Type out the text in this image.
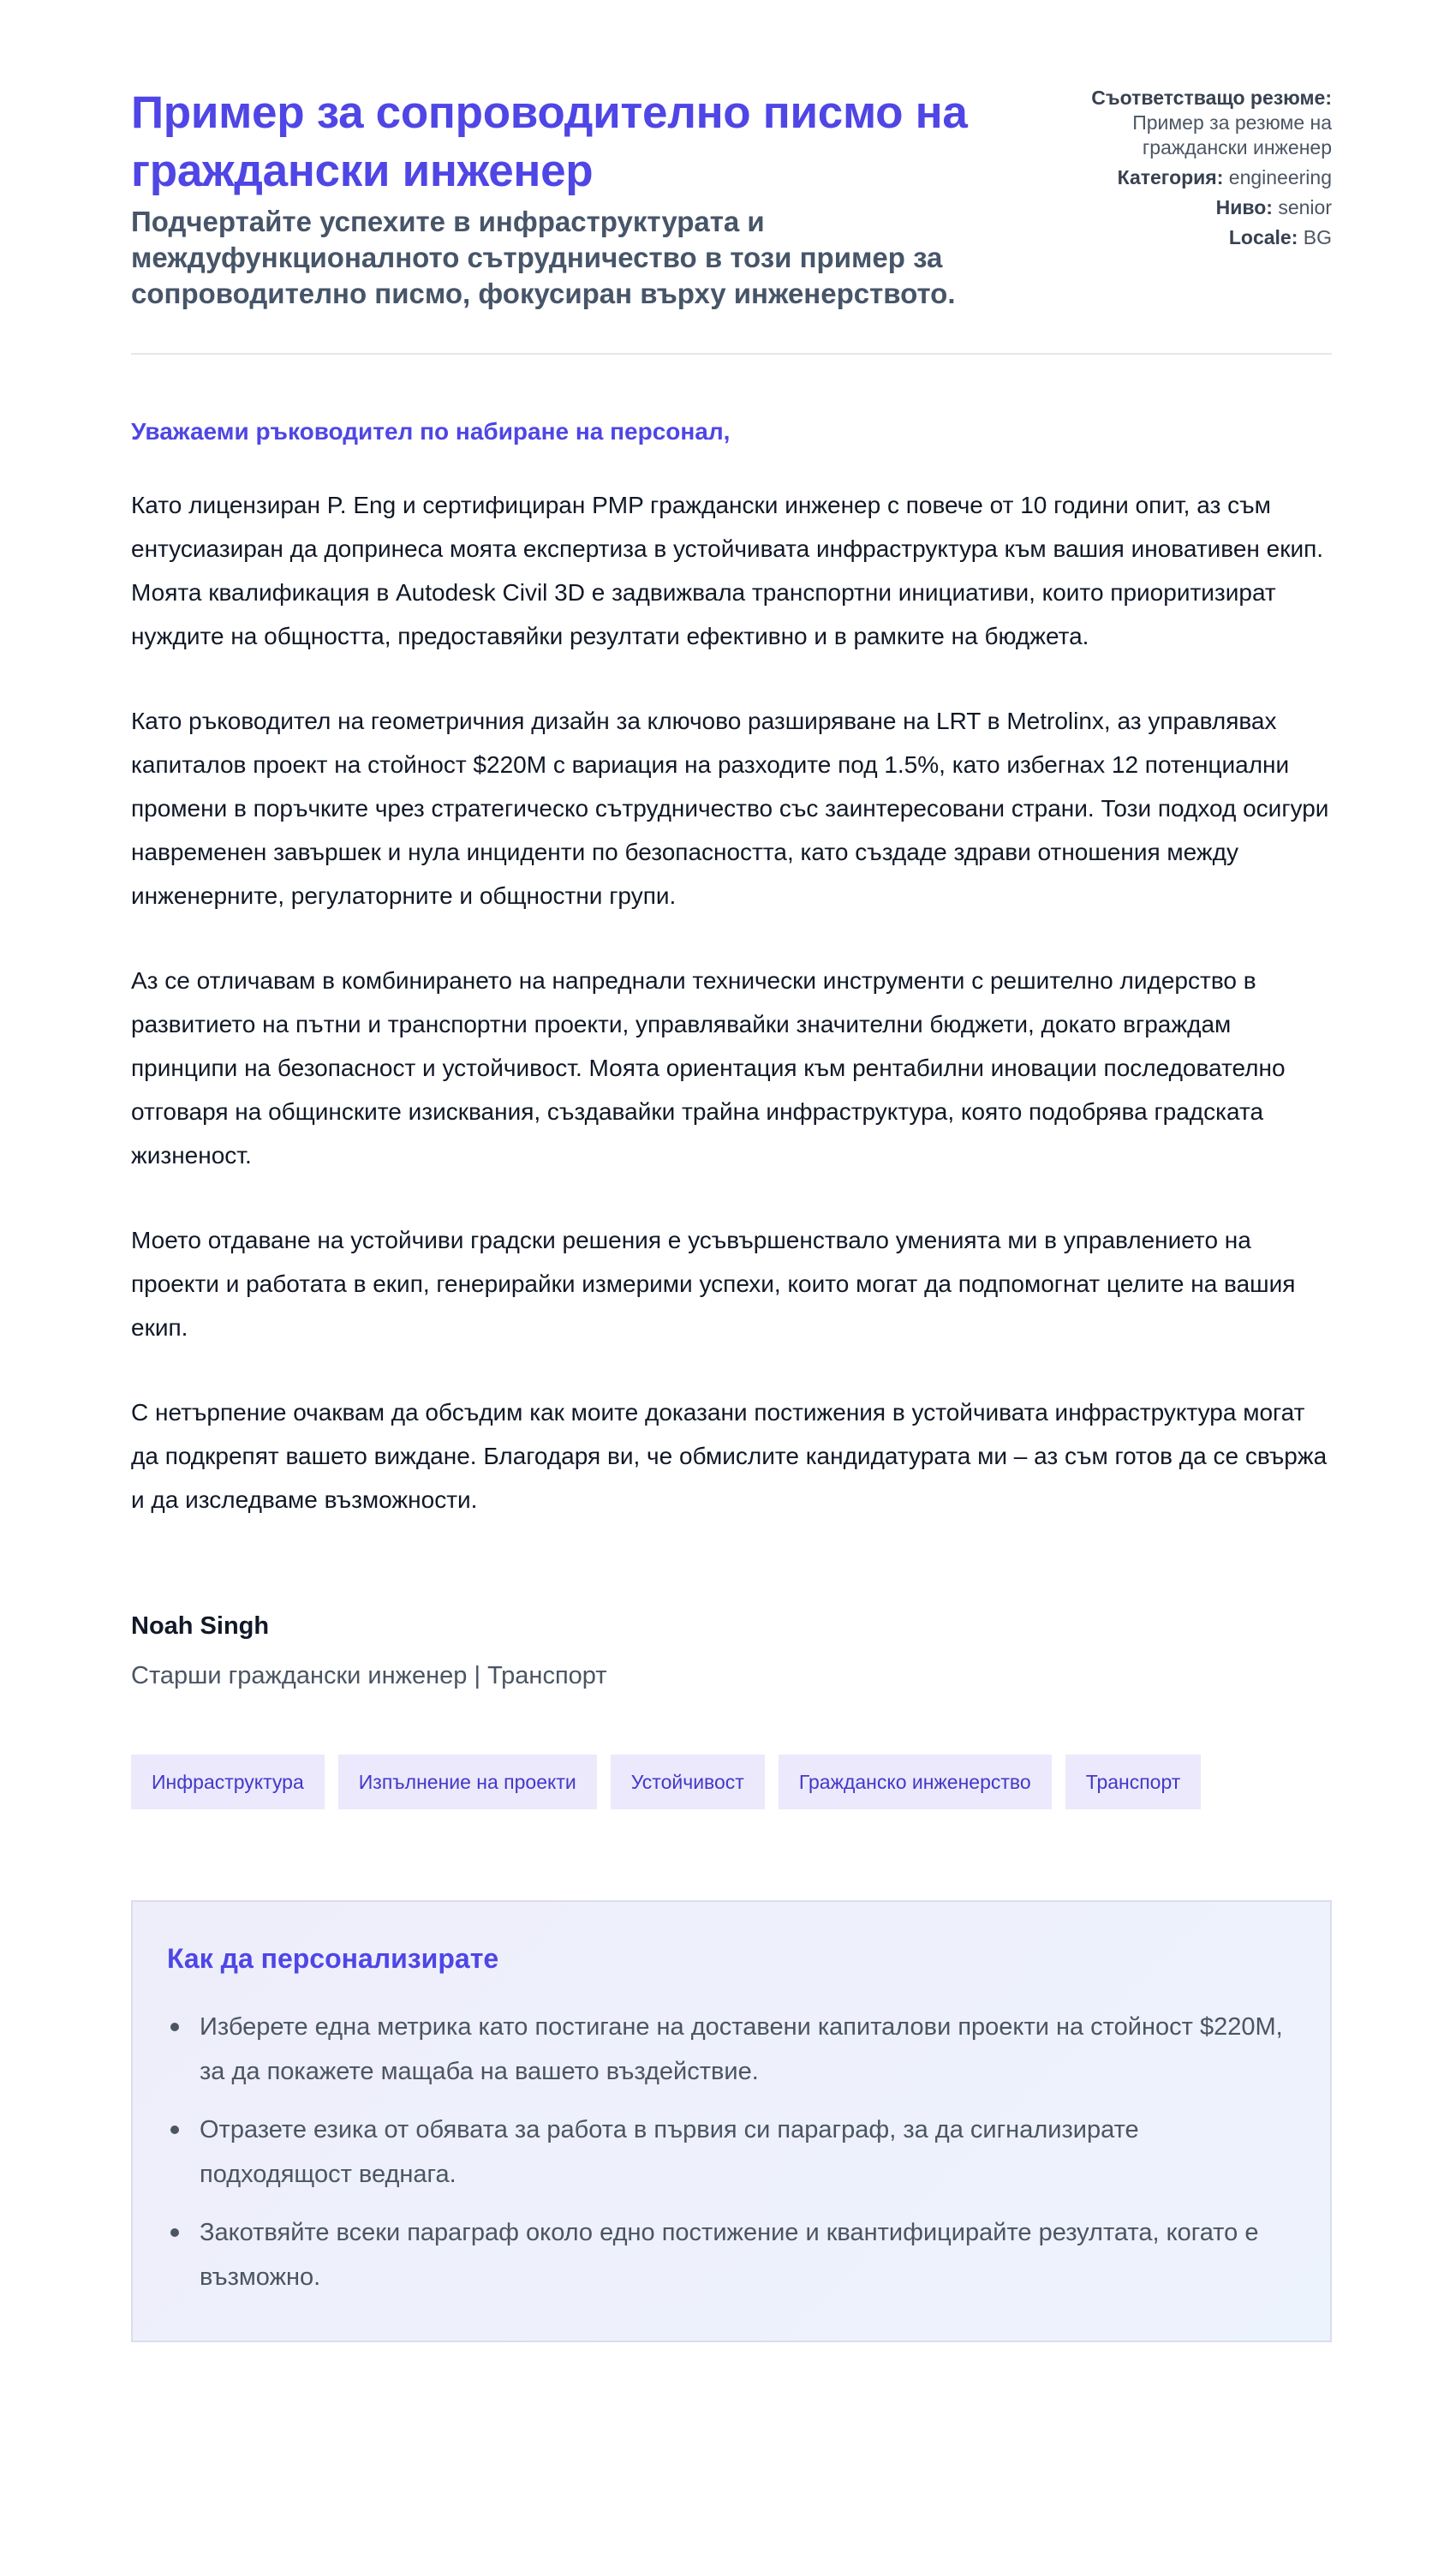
Пример за сопроводително писмо на граждански инженер
Подчертайте успехите в инфраструктурата и междуфункционалното сътрудничество в този пример за сопроводително писмо, фокусиран върху инженерството.
Съответстващо резюме: Пример за резюме на граждански инженер
Категория: engineering
Ниво: senior
Locale: BG

Уважаеми ръководител по набиране на персонал,

Като лицензиран P. Eng и сертифициран PMP граждански инженер с повече от 10 години опит, аз съм ентусиазиран да допринеса моята експертиза в устойчивата инфраструктура към вашия иновативен екип. Моята квалификация в Autodesk Civil 3D е задвижвала транспортни инициативи, които приоритизират нуждите на общността, предоставяйки резултати ефективно и в рамките на бюджета.

Като ръководител на геометричния дизайн за ключово разширяване на LRT в Metrolinx, аз управлявах капиталов проект на стойност $220M с вариация на разходите под 1.5%, като избегнах 12 потенциални промени в поръчките чрез стратегическо сътрудничество със заинтересовани страни. Този подход осигури навременен завършек и нула инциденти по безопасността, като създаде здрави отношения между инженерните, регулаторните и общностни групи.

Аз се отличавам в комбинирането на напреднали технически инструменти с решително лидерство в развитието на пътни и транспортни проекти, управлявайки значителни бюджети, докато вграждам принципи на безопасност и устойчивост. Моята ориентация към рентабилни иновации последователно отговаря на общинските изисквания, създавайки трайна инфраструктура, която подобрява градската жизненост.

Моето отдаване на устойчиви градски решения е усъвършенствало уменията ми в управлението на проекти и работата в екип, генерирайки измерими успехи, които могат да подпомогнат целите на вашия екип.

С нетърпение очаквам да обсъдим как моите доказани постижения в устойчивата инфраструктура могат да подкрепят вашето виждане. Благодаря ви, че обмислите кандидатурата ми – аз съм готов да се свържа и да изследваме възможности.

Noah Singh
Старши граждански инженер | Транспорт
Инфраструктура	Изпълнение на проекти	Устойчивост	Гражданско инженерство	Транспорт
Как да персонализирате
Изберете една метрика като постигане на доставени капиталови проекти на стойност $220M, за да покажете мащаба на вашето въздействие.
Отразете езика от обявата за работа в първия си параграф, за да сигнализирате подходящост веднага.
Закотвяйте всеки параграф около едно постижение и квантифицирайте резултата, когато е възможно.
